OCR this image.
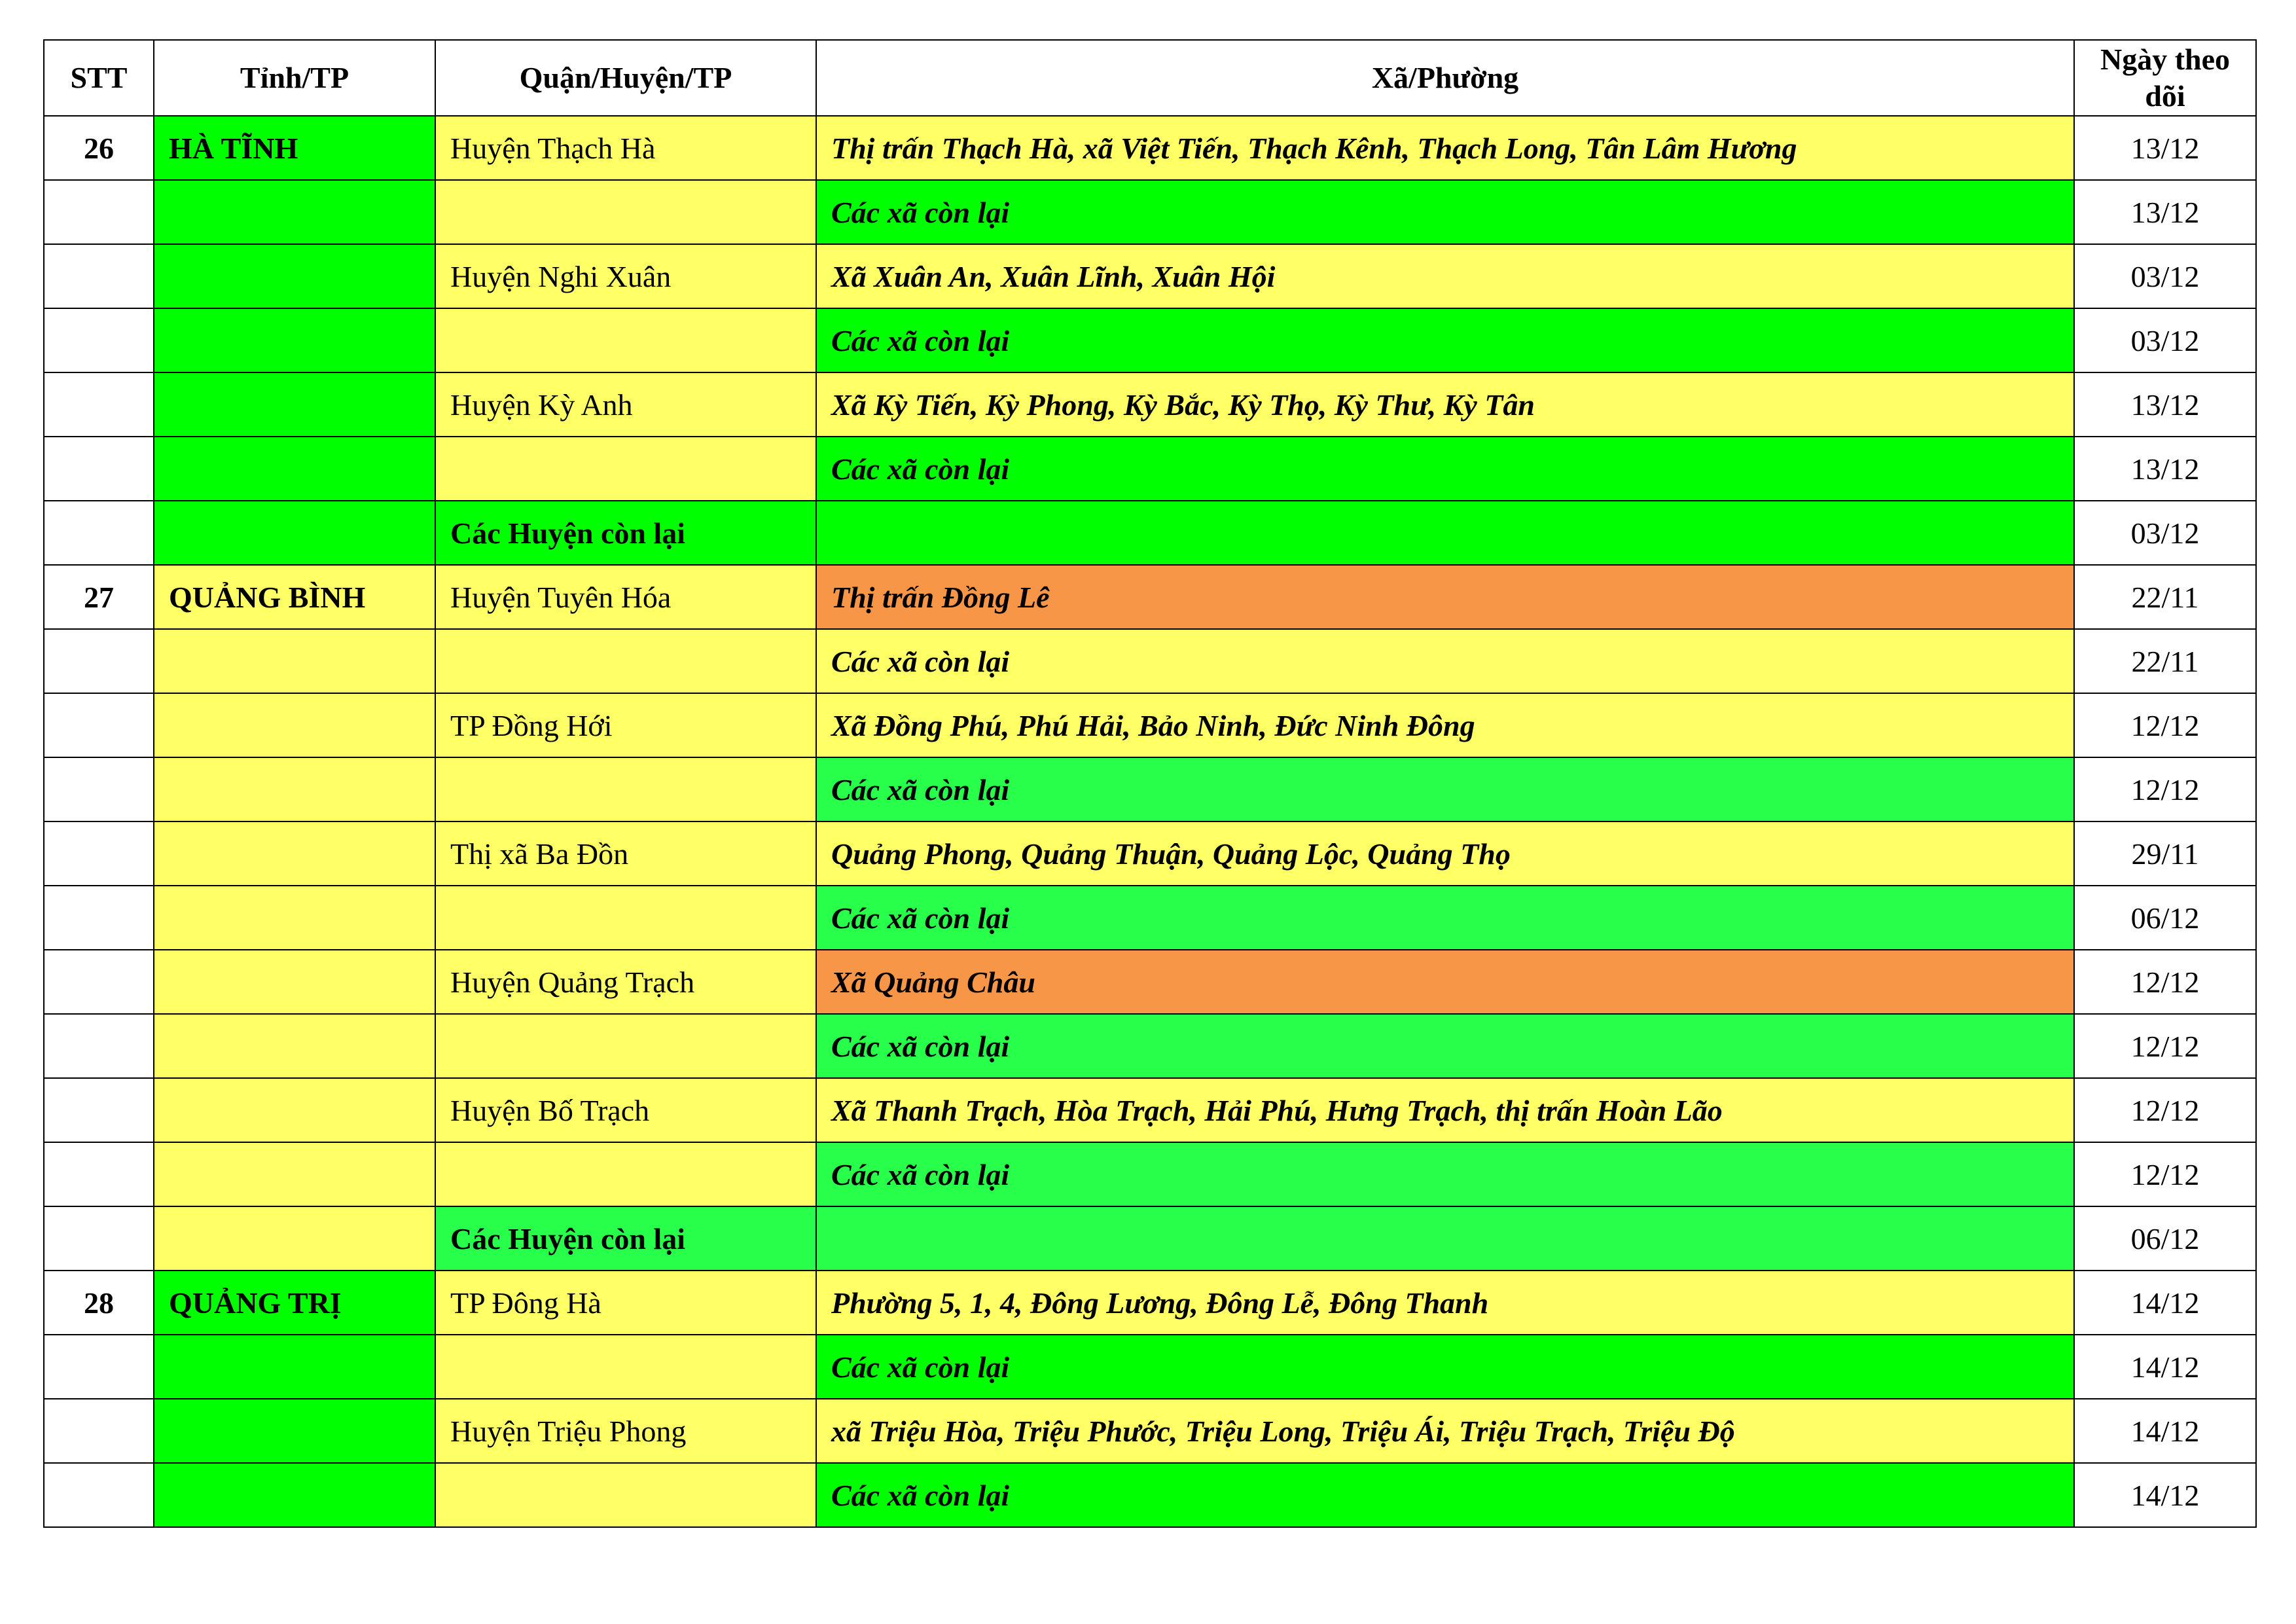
STT	Tỉnh/TP	Quận/Huyện/TP	Xã/Phường	Ngày theo dõi
26	HÀ TĨNH	Huyện Thạch Hà	Thị trấn Thạch Hà, xã Việt Tiến, Thạch Kênh, Thạch Long, Tân Lâm Hương	13/12
			Các xã còn lại	13/12
		Huyện Nghi Xuân	Xã Xuân An, Xuân Lĩnh, Xuân Hội	03/12
			Các xã còn lại	03/12
		Huyện Kỳ Anh	Xã Kỳ Tiến, Kỳ Phong, Kỳ Bắc, Kỳ Thọ, Kỳ Thư, Kỳ Tân	13/12
			Các xã còn lại	13/12
		Các Huyện còn lại		03/12
27	QUẢNG BÌNH	Huyện Tuyên Hóa	Thị trấn Đồng Lê	22/11
			Các xã còn lại	22/11
		TP Đồng Hới	Xã Đồng Phú, Phú Hải, Bảo Ninh, Đức Ninh Đông	12/12
			Các xã còn lại	12/12
		Thị xã Ba Đồn	Quảng Phong, Quảng Thuận, Quảng Lộc, Quảng Thọ	29/11
			Các xã còn lại	06/12
		Huyện Quảng Trạch	Xã Quảng Châu	12/12
			Các xã còn lại	12/12
		Huyện Bố Trạch	Xã Thanh Trạch, Hòa Trạch, Hải Phú, Hưng Trạch, thị trấn Hoàn Lão	12/12
			Các xã còn lại	12/12
		Các Huyện còn lại		06/12
28	QUẢNG TRỊ	TP Đông Hà	Phường 5, 1, 4, Đông Lương, Đông Lễ, Đông Thanh	14/12
			Các xã còn lại	14/12
		Huyện Triệu Phong	xã Triệu Hòa, Triệu Phước, Triệu Long, Triệu Ái, Triệu Trạch, Triệu Độ	14/12
			Các xã còn lại	14/12
